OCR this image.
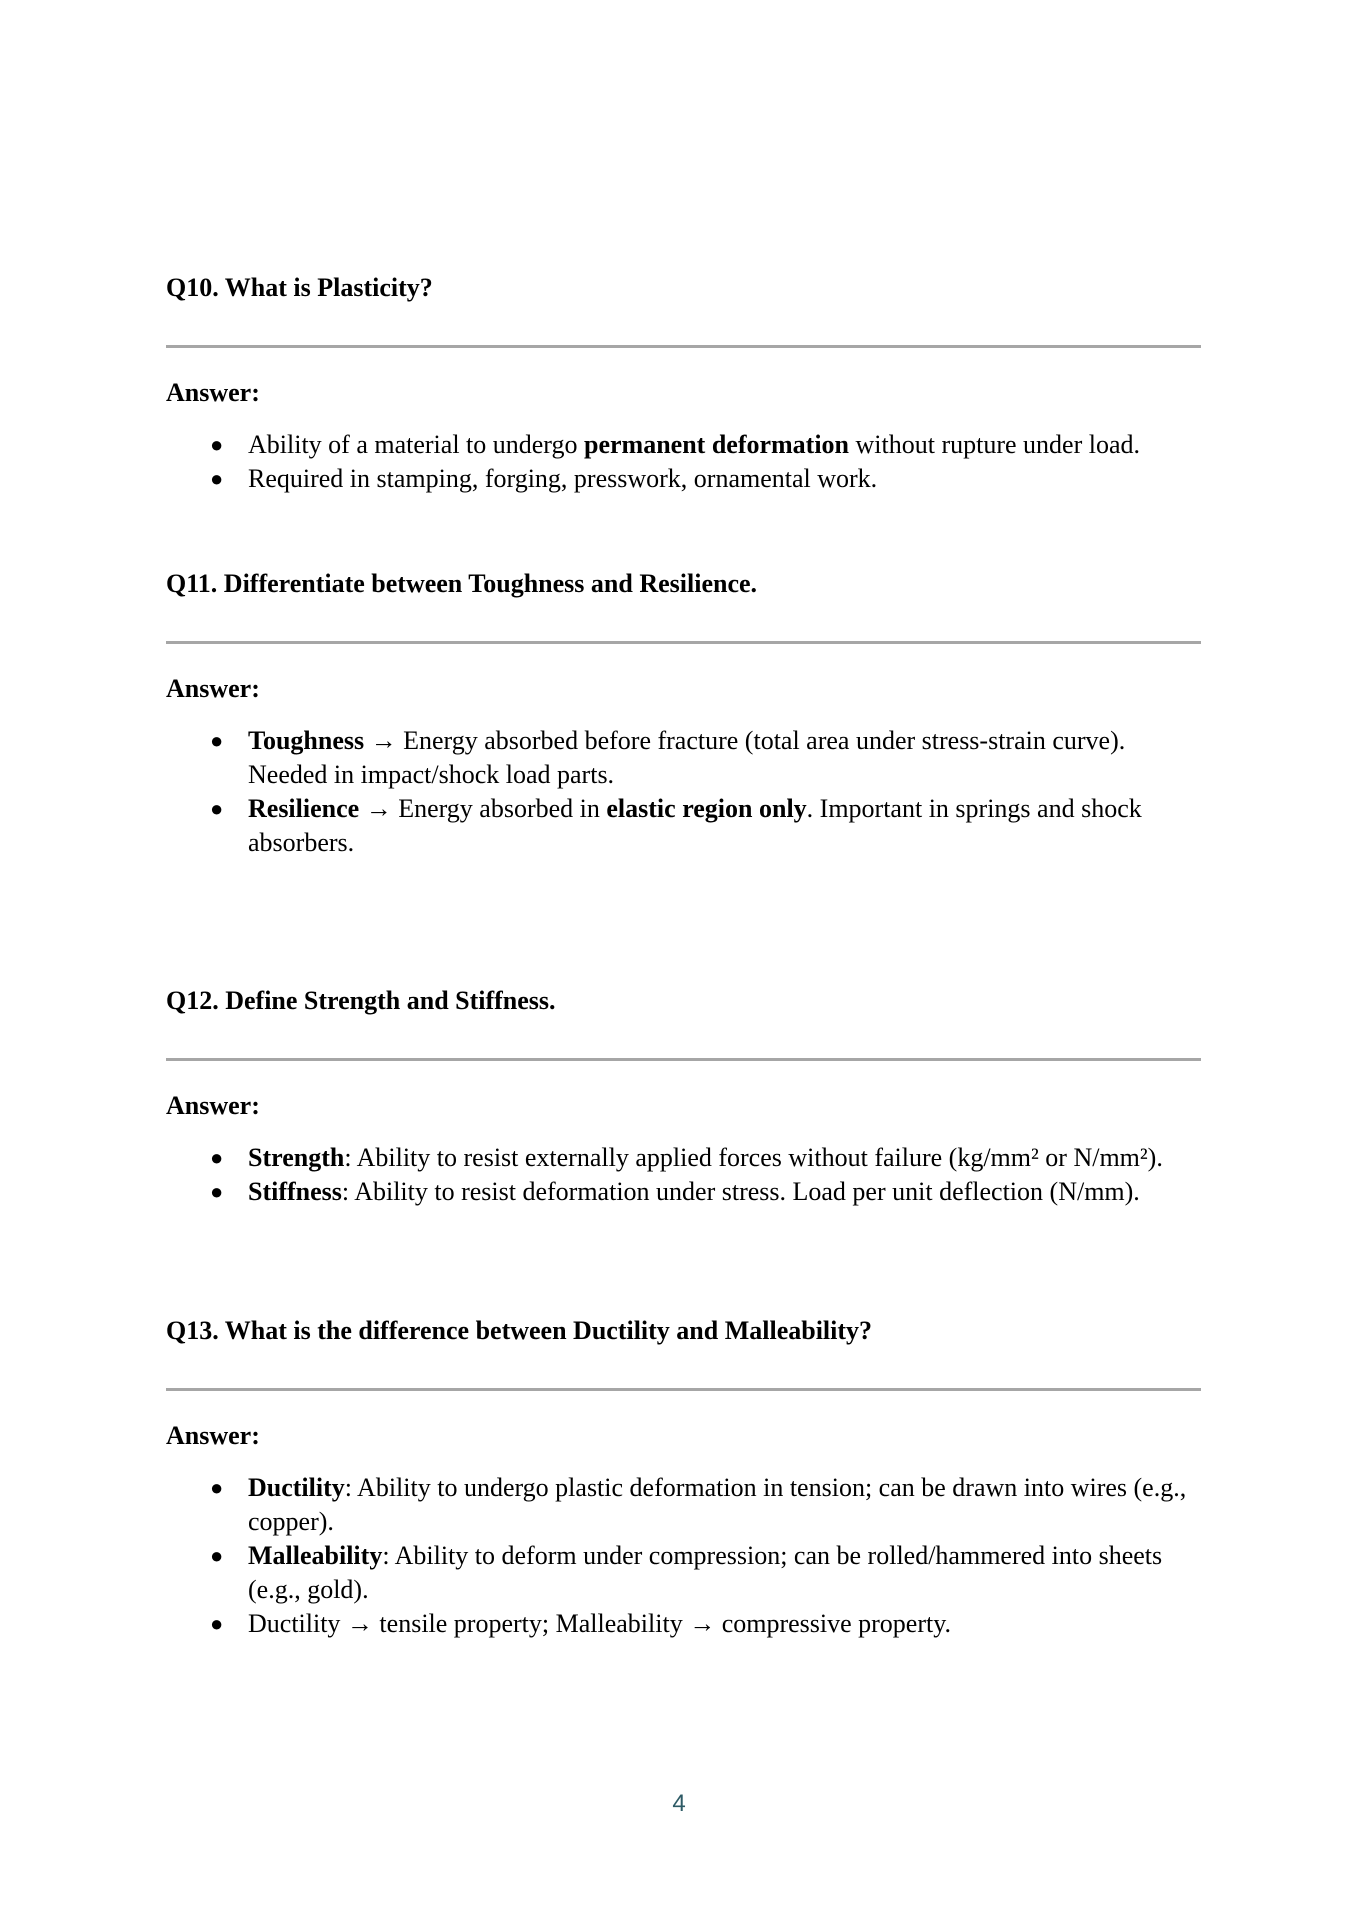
Q10. What is Plasticity?
Answer:
● Ability of a material to undergo permanent deformation without rupture under load.
● Required in stamping, forging, presswork, ornamental work.
Q11. Differentiate between Toughness and Resilience.
Answer:
● Toughness → Energy absorbed before fracture (total area under stress-strain curve). Needed in impact/shock load parts.
● Resilience → Energy absorbed in elastic region only. Important in springs and shock absorbers.
Q12. Define Strength and Stiffness.
Answer:
● Strength: Ability to resist externally applied forces without failure (kg/mm² or N/mm²).
● Stiffness: Ability to resist deformation under stress. Load per unit deflection (N/mm).
Q13. What is the difference between Ductility and Malleability?
Answer:
● Ductility: Ability to undergo plastic deformation in tension; can be drawn into wires (e.g., copper).
● Malleability: Ability to deform under compression; can be rolled/hammered into sheets (e.g., gold).
● Ductility → tensile property; Malleability → compressive property.
4
